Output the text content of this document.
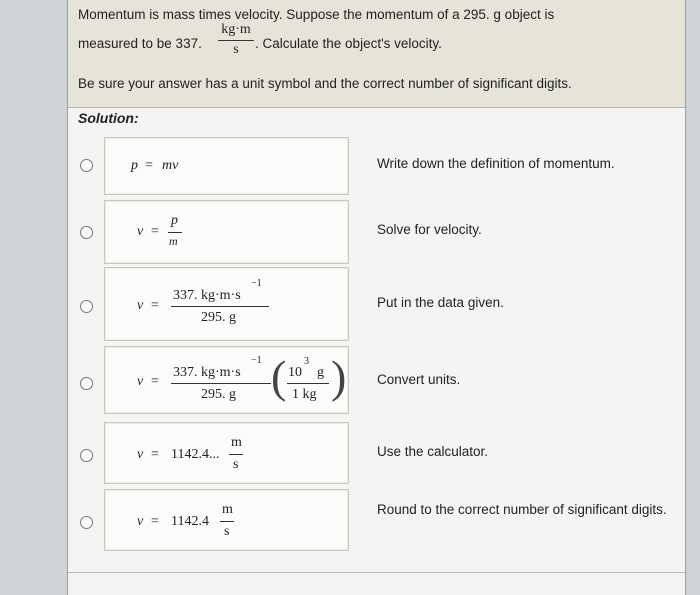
Momentum is mass times velocity. Suppose the momentum of a 295. g object is
measured to be 337.
kg·m
s	. Calculate the object's velocity.
Be sure your answer has a unit symbol and the correct number of significant digits.
Solution:
p = mv	Write down the definition of momentum.
v =
p
m
Solve for velocity.
v =
337. kg·m·s
−1
295. g
Put in the data given.
v =
337. kg·m·s
−1
295. g ( 10
3
g
1 kg ) Convert units.
v = 1142.4...
m
s
Use the calculator.
v = 1142.4
m
s
Round to the correct number of significant digits.
